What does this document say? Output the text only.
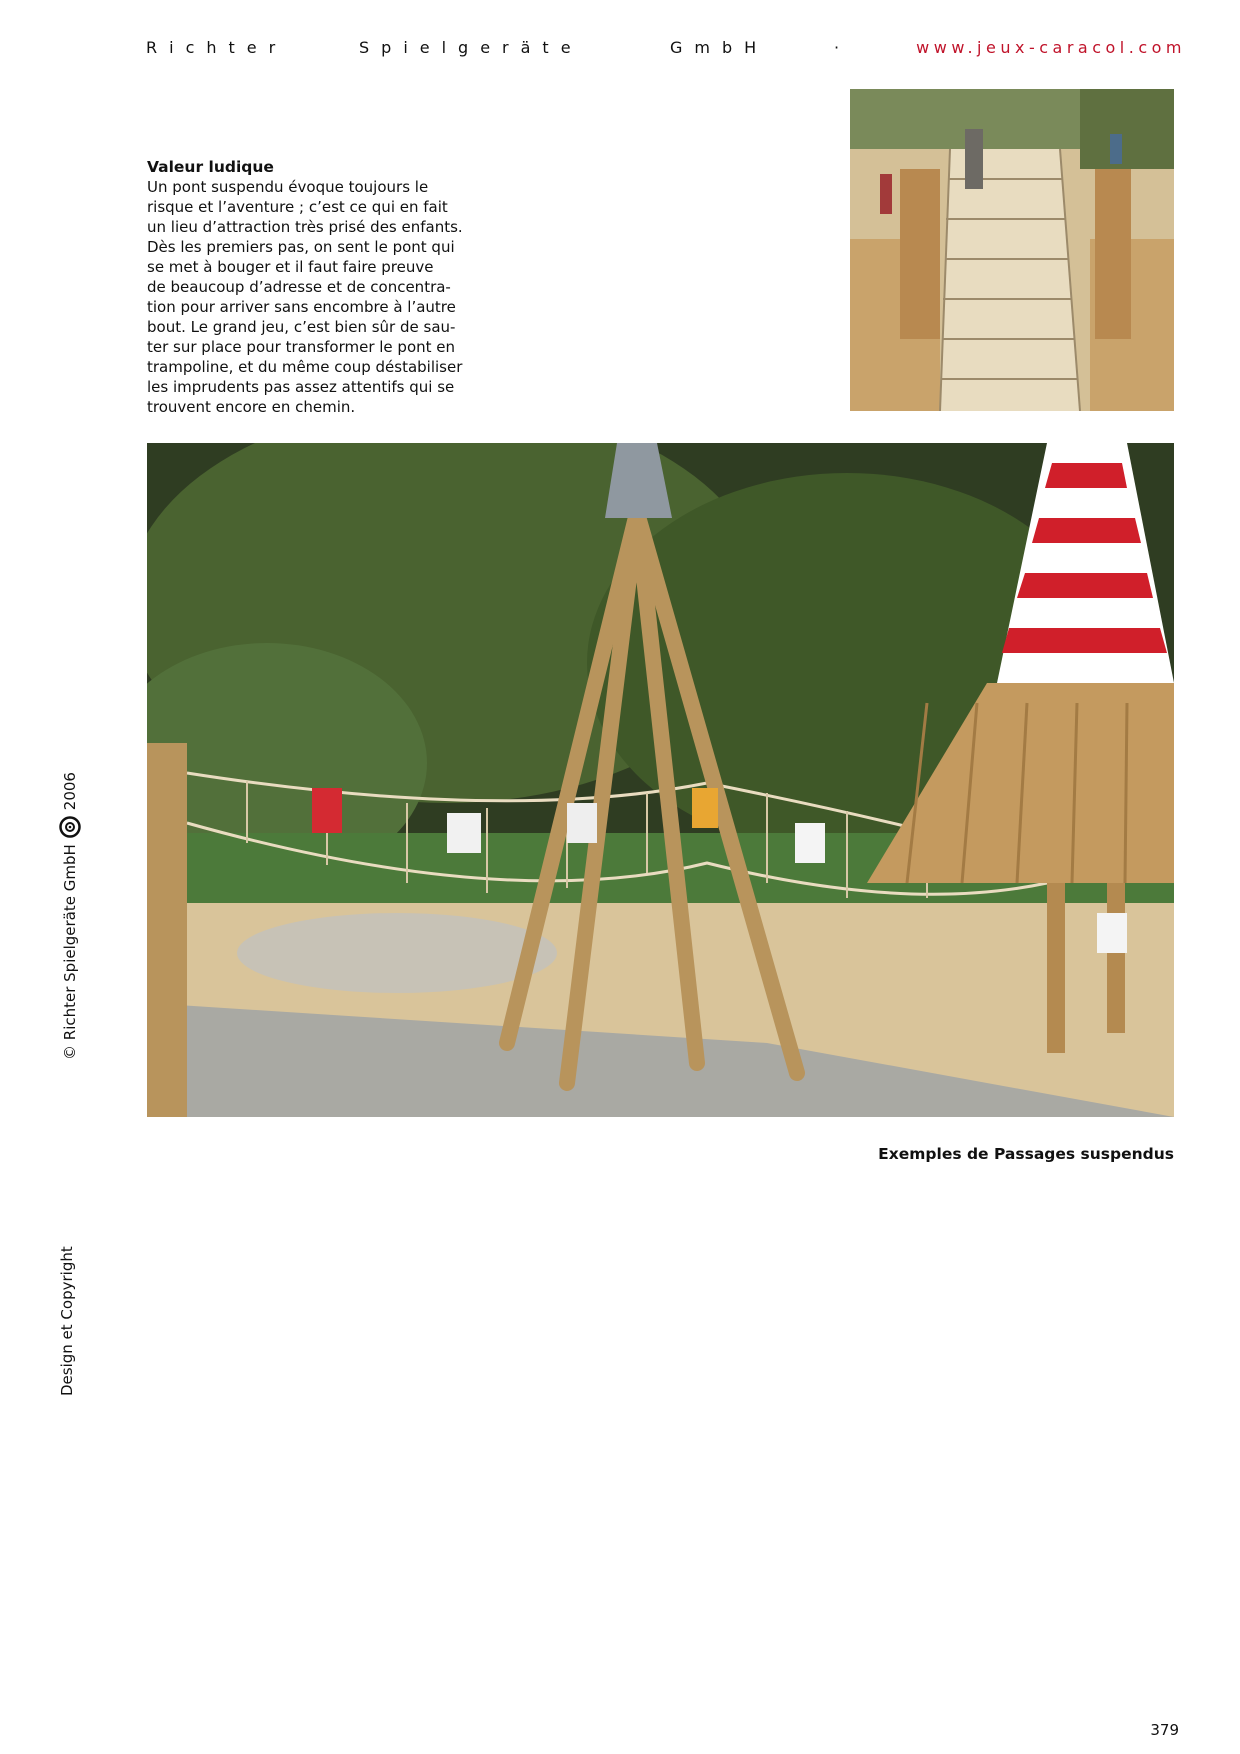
Richter	Spielgeräte	GmbH	·	www.jeux-caracol.com
© Richter Spielgeräte GmbH
2006
Design et Copyright
Valeur ludique

Un pont suspendu évoque toujours le
risque et l’aventure ; c’est ce qui en fait
un lieu d’attraction très prisé des enfants.
Dès les premiers pas, on sent le pont qui
se met à bouger et il faut faire preuve
de beaucoup d’adresse et de concentra-
tion pour arriver sans encombre à l’autre
bout. Le grand jeu, c’est bien sûr de sau-
ter sur place pour transformer le pont en
trampoline, et du même coup déstabiliser
les imprudents pas assez attentifs qui se
trouvent encore en chemin.

Exemples de Passages suspendus
379
